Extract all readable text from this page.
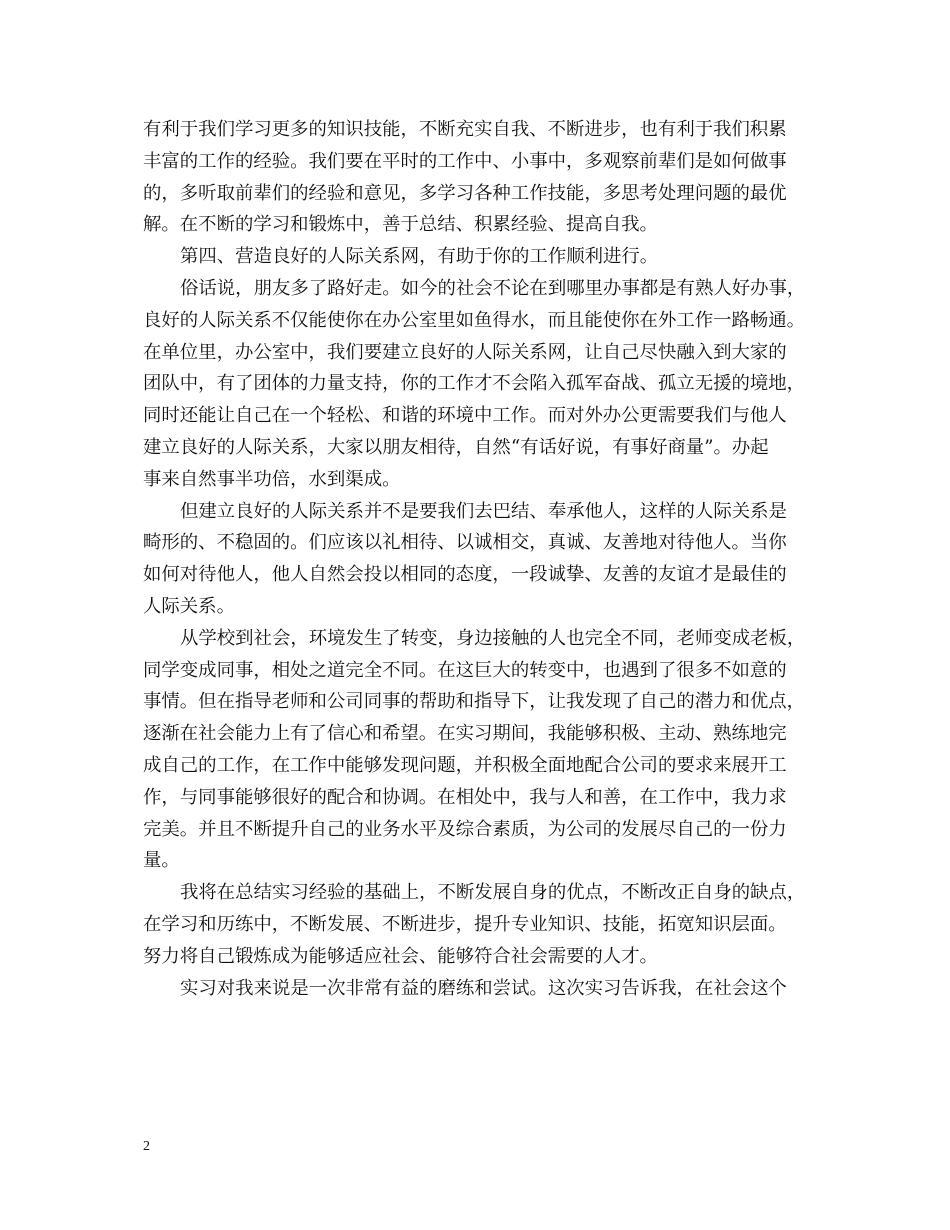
有利于我们学习更多的知识技能，不断充实自我、不断进步，也有利于我们积累
丰富的工作的经验。我们要在平时的工作中、小事中，多观察前辈们是如何做事
的，多听取前辈们的经验和意见，多学习各种工作技能，多思考处理问题的最优
解。在不断的学习和锻炼中，善于总结、积累经验、提高自我。
第四、营造良好的人际关系网，有助于你的工作顺利进行。
俗话说，朋友多了路好走。如今的社会不论在到哪里办事都是有熟人好办事，
良好的人际关系不仅能使你在办公室里如鱼得水，而且能使你在外工作一路畅通。
在单位里，办公室中，我们要建立良好的人际关系网，让自己尽快融入到大家的
团队中，有了团体的力量支持，你的工作才不会陷入孤军奋战、孤立无援的境地，
同时还能让自己在一个轻松、和谐的环境中工作。而对外办公更需要我们与他人
建立良好的人际关系，大家以朋友相待，自然“有话好说，有事好商量”。办起
事来自然事半功倍，水到渠成。
但建立良好的人际关系并不是要我们去巴结、奉承他人，这样的人际关系是
畸形的、不稳固的。们应该以礼相待、以诚相交，真诚、友善地对待他人。当你
如何对待他人，他人自然会投以相同的态度，一段诚挚、友善的友谊才是最佳的
人际关系。
从学校到社会，环境发生了转变，身边接触的人也完全不同，老师变成老板，
同学变成同事，相处之道完全不同。在这巨大的转变中，也遇到了很多不如意的
事情。但在指导老师和公司同事的帮助和指导下，让我发现了自己的潜力和优点，
逐渐在社会能力上有了信心和希望。在实习期间，我能够积极、主动、熟练地完
成自己的工作，在工作中能够发现问题，并积极全面地配合公司的要求来展开工
作，与同事能够很好的配合和协调。在相处中，我与人和善，在工作中，我力求
完美。并且不断提升自己的业务水平及综合素质，为公司的发展尽自己的一份力
量。
我将在总结实习经验的基础上，不断发展自身的优点，不断改正自身的缺点，
在学习和历练中，不断发展、不断进步，提升专业知识、技能，拓宽知识层面。
努力将自己锻炼成为能够适应社会、能够符合社会需要的人才。
实习对我来说是一次非常有益的磨练和尝试。这次实习告诉我，在社会这个
2
